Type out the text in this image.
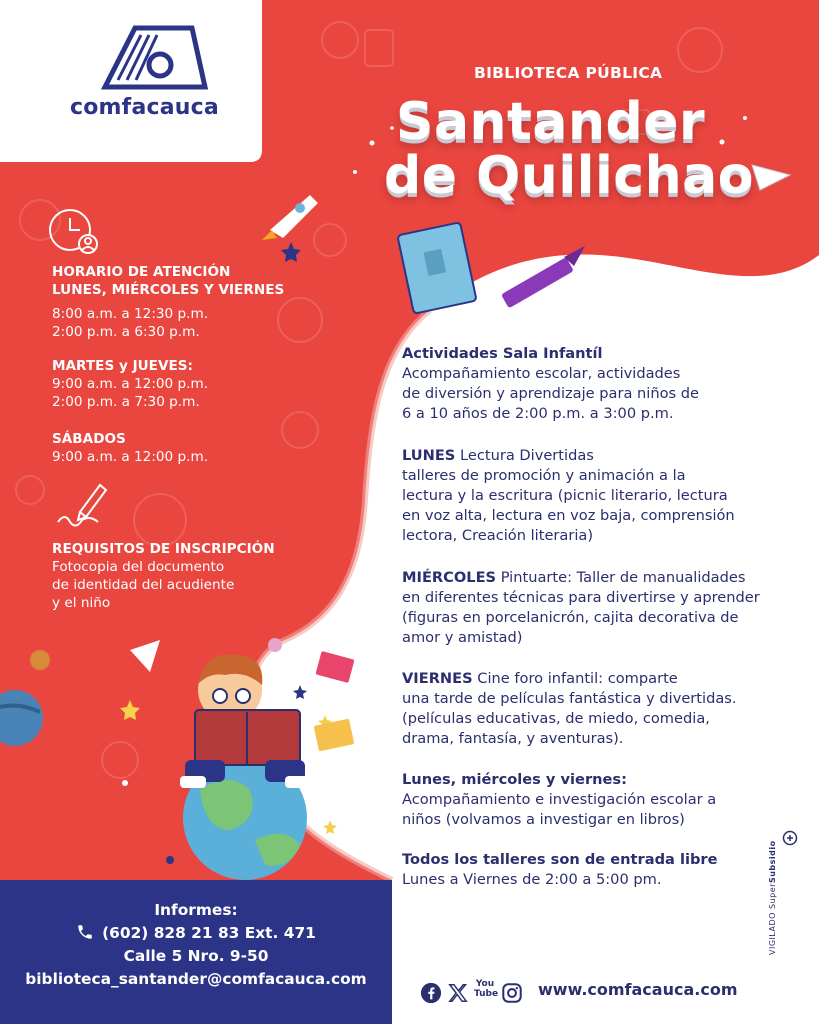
comfacauca
BIBLIOTECA PÚBLICA
Santander
de Quilichao
HORARIO DE ATENCIÓN
LUNES, MIÉRCOLES Y VIERNES
8:00 a.m. a 12:30 p.m.
2:00 p.m. a 6:30 p.m.
MARTES y JUEVES:
9:00 a.m. a 12:00 p.m.
2:00 p.m. a 7:30 p.m.
SÁBADOS
9:00 a.m. a 12:00 p.m.
REQUISITOS DE INSCRIPCIÓN
Fotocopia del documento
de identidad del acudiente
y el niño
Actividades Sala Infantíl
Acompañamiento escolar, actividades
de diversión y aprendizaje para niños de
6 a 10 años de 2:00 p.m. a 3:00 p.m.
LUNES Lectura Divertidas
talleres de promoción y animación a la
lectura y la escritura (picnic literario, lectura
en voz alta, lectura en voz baja, comprensión
lectora, Creación literaria)
MIÉRCOLES Pintuarte: Taller de manualidades
en diferentes técnicas para divertirse y aprender
(figuras en porcelanicrón, cajita decorativa de
amor y amistad)
VIERNES Cine foro infantil: comparte
una tarde de películas fantástica y divertidas.
(películas educativas, de miedo, comedia,
drama, fantasía, y aventuras).
Lunes, miércoles y viernes:
Acompañamiento e investigación escolar a
niños (volvamos a investigar en libros)
Todos los talleres son de entrada libre
Lunes a Viernes de 2:00 a 5:00 pm.
Informes:
(602) 828 21 83 Ext. 471
Calle 5 Nro. 9-50
biblioteca_santander@comfacauca.com	You Tube www.comfacauca.com
VIGILADO SuperSubsidio
